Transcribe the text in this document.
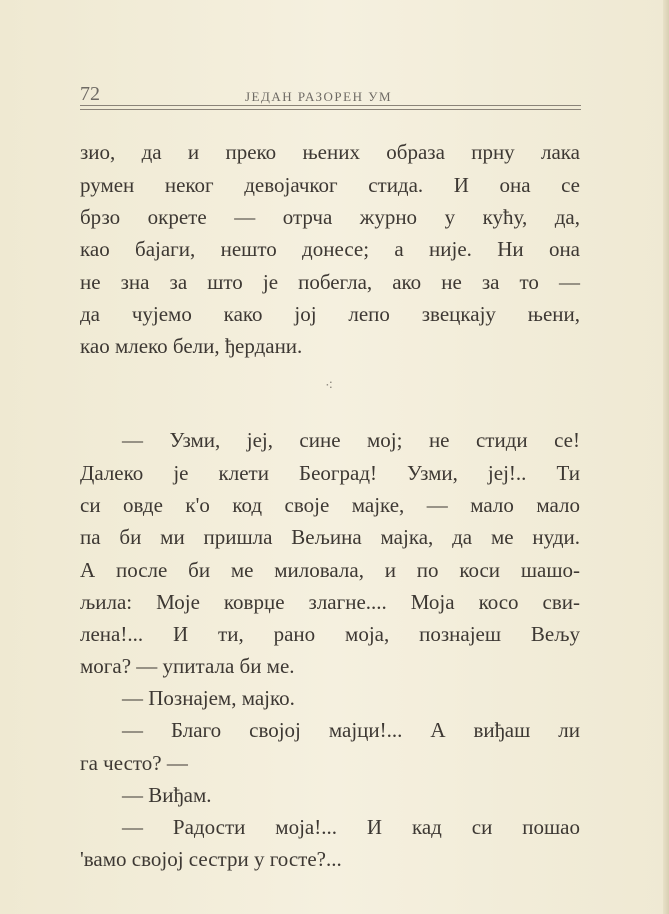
72	ЈЕДАН РАЗОРЕН УМ
зио, да и преко њених образа прну лака
румен неког девојачког стида. И она се
брзо окрете — отрча журно у кућу, да,
као бајаги, нешто донесе; а није. Ни она
не зна за што је побегла, ако не за то —
да чујемо како јој лепо звецкају њени,
као млеко бели, ђердани.
⁖
— Узми, јеј, сине мој; не стиди се!
Далеко је клети Београд! Узми, јеј!.. Ти
си овде к'о код своје мајке, — мало мало
па би ми пришла Вељина мајка, да ме нуди.
А после би ме миловала, и по коси шашо-
љила: Моје коврџе злагне.... Моја косо сви-
лена!... И ти, рано моја, познајеш Вељу
мога? — упитала би ме.
— Познајем, мајко.
— Благо својој мајци!... А виђаш ли
га често? —
— Виђам.
— Радости моја!... И кад си пошао
'вамо својој сестри у госте?...
